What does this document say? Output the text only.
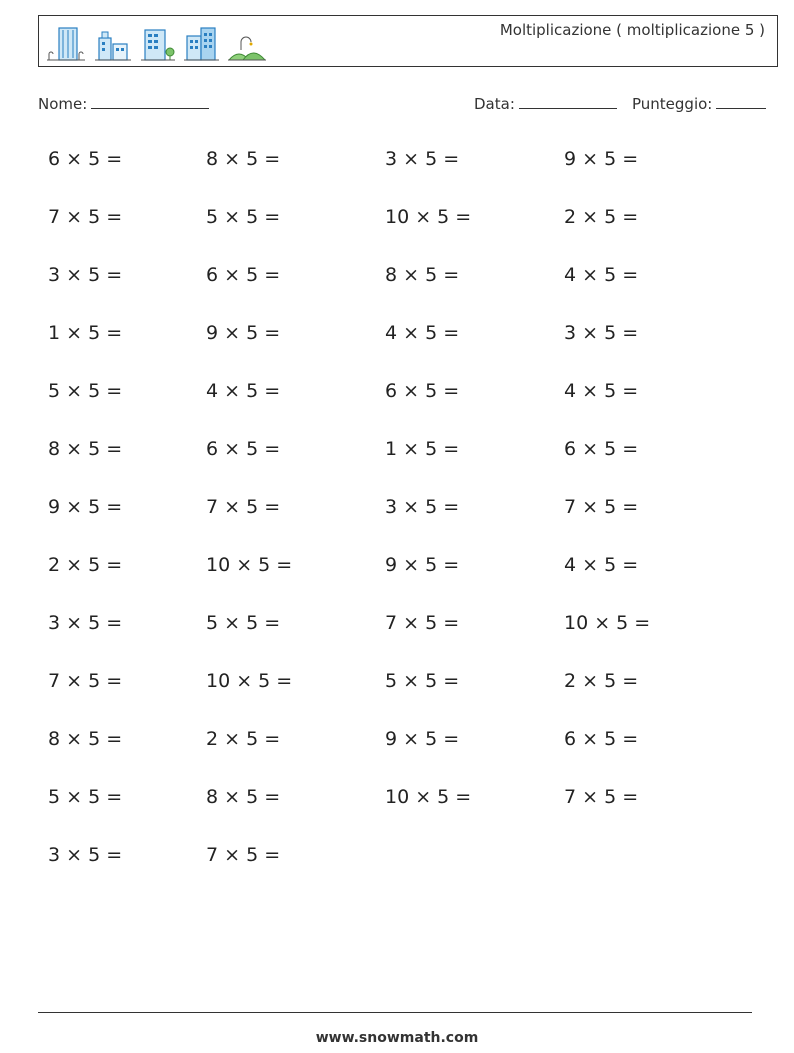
Moltiplicazione ( moltiplicazione 5 )
Nome:	Data:	Punteggio:
6 × 5 =	8 × 5 =	3 × 5 =	9 × 5 =
7 × 5 =	5 × 5 =	10 × 5 =	2 × 5 =
3 × 5 =	6 × 5 =	8 × 5 =	4 × 5 =
1 × 5 =	9 × 5 =	4 × 5 =	3 × 5 =
5 × 5 =	4 × 5 =	6 × 5 =	4 × 5 =
8 × 5 =	6 × 5 =	1 × 5 =	6 × 5 =
9 × 5 =	7 × 5 =	3 × 5 =	7 × 5 =
2 × 5 =	10 × 5 =	9 × 5 =	4 × 5 =
3 × 5 =	5 × 5 =	7 × 5 =	10 × 5 =
7 × 5 =	10 × 5 =	5 × 5 =	2 × 5 =
8 × 5 =	2 × 5 =	9 × 5 =	6 × 5 =
5 × 5 =	8 × 5 =	10 × 5 =	7 × 5 =
3 × 5 =	7 × 5 =
www.snowmath.com
